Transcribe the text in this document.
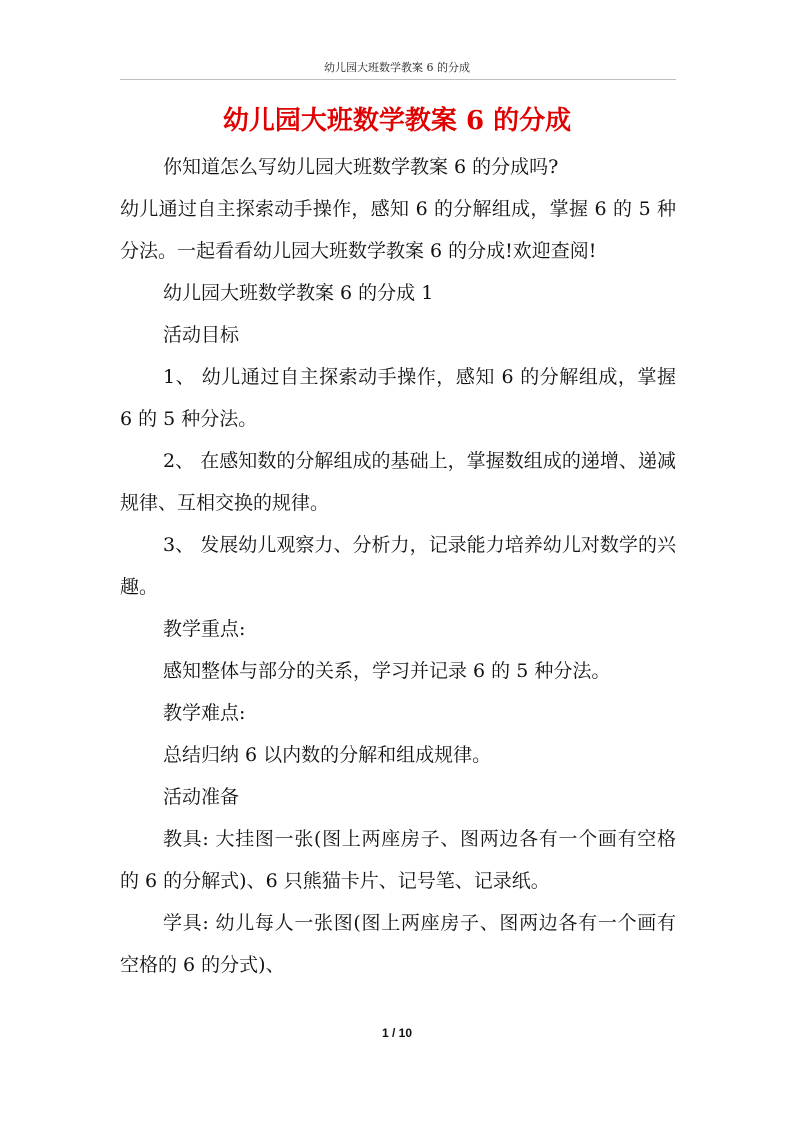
幼儿园大班数学教案 6 的分成
幼儿园大班数学教案 6 的分成

你知道怎么写幼儿园大班数学教案 6 的分成吗?

幼儿通过自主探索动手操作，感知 6 的分解组成，掌握 6 的 5 种分法。一起看看幼儿园大班数学教案 6 的分成!欢迎查阅!

幼儿园大班数学教案 6 的分成 1

活动目标

1、 幼儿通过自主探索动手操作，感知 6 的分解组成，掌握 6 的 5 种分法。

2、 在感知数的分解组成的基础上，掌握数组成的递增、递减规律、互相交换的规律。

3、 发展幼儿观察力、分析力，记录能力培养幼儿对数学的兴趣。

教学重点:

感知整体与部分的关系，学习并记录 6 的 5 种分法。

教学难点:

总结归纳 6 以内数的分解和组成规律。

活动准备

教具: 大挂图一张(图上两座房子、图两边各有一个画有空格的 6 的分解式)、6 只熊猫卡片、记号笔、记录纸。

学具: 幼儿每人一张图(图上两座房子、图两边各有一个画有空格的 6 的分式)、

1 / 10
